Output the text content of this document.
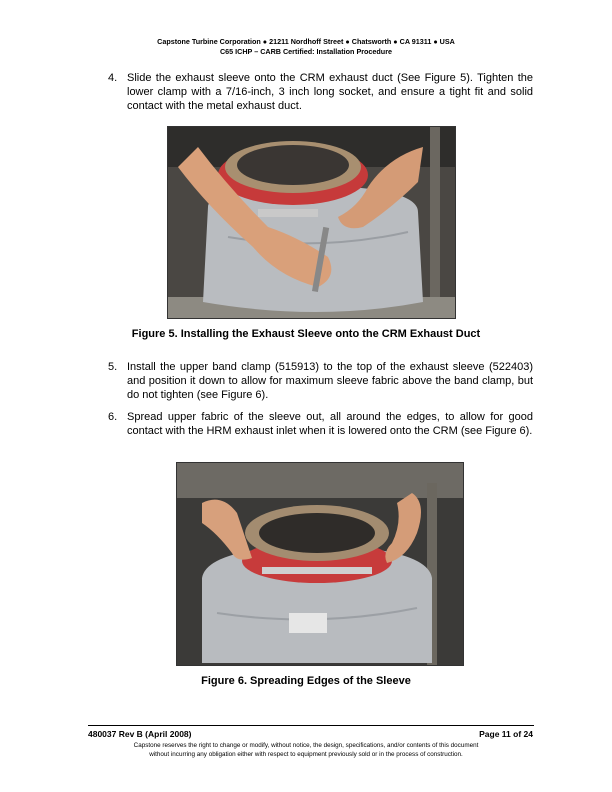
Capstone Turbine Corporation ● 21211 Nordhoff Street ● Chatsworth ● CA 91311 ● USA
C65 ICHP – CARB Certified: Installation Procedure
4. Slide the exhaust sleeve onto the CRM exhaust duct (See Figure 5). Tighten the lower clamp with a 7/16-inch, 3 inch long socket, and ensure a tight fit and solid contact with the metal exhaust duct.
Figure 5. Installing the Exhaust Sleeve onto the CRM Exhaust Duct
5. Install the upper band clamp (515913) to the top of the exhaust sleeve (522403) and position it down to allow for maximum sleeve fabric above the band clamp, but do not tighten (see Figure 6).
6. Spread upper fabric of the sleeve out, all around the edges, to allow for good contact with the HRM exhaust inlet when it is lowered onto the CRM (see Figure 6).
Figure 6. Spreading Edges of the Sleeve
480037 Rev B (April 2008)	Page 11 of 24
Capstone reserves the right to change or modify, without notice, the design, specifications, and/or contents of this document
without incurring any obligation either with respect to equipment previously sold or in the process of construction.
